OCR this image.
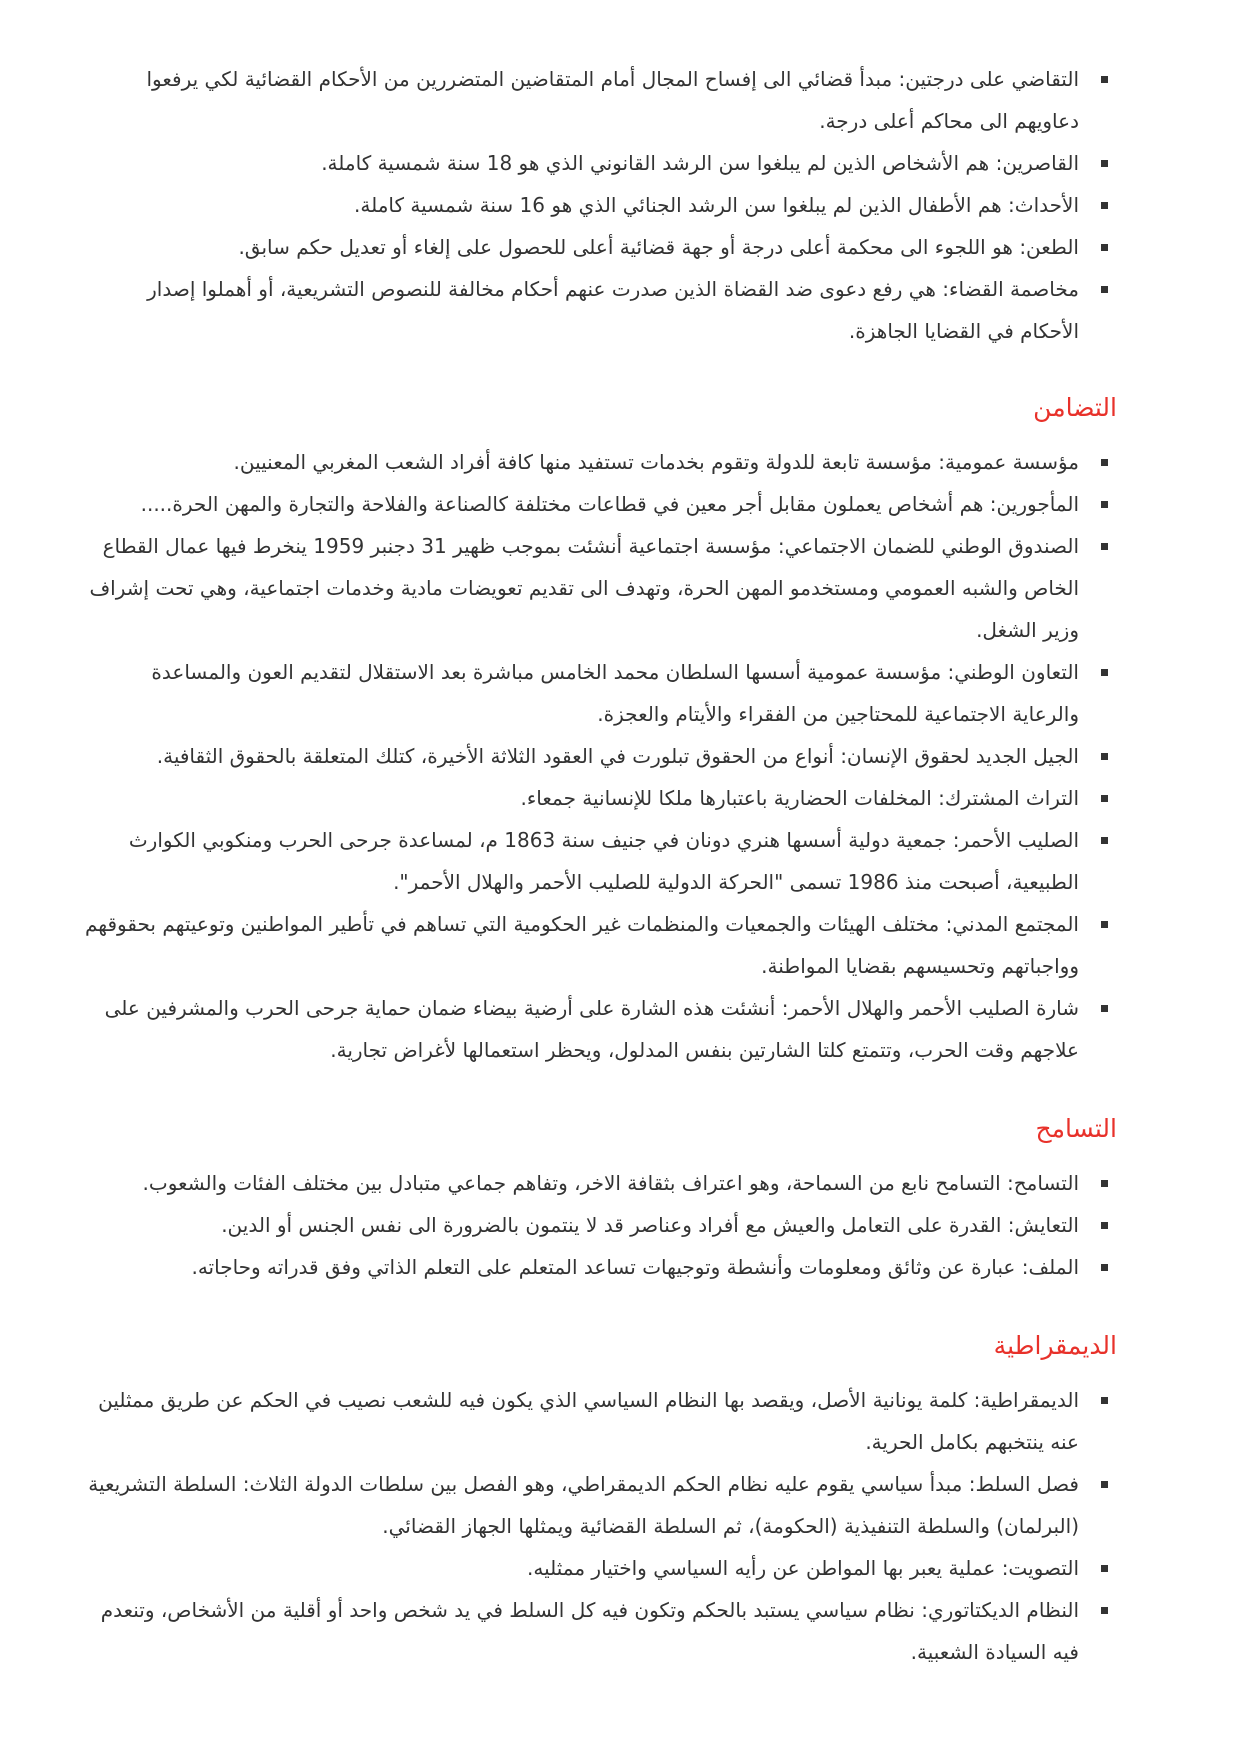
التقاضي على درجتين: مبدأ قضائي الى إفساح المجال أمام المتقاضين المتضررين من الأحكام القضائية لكي يرفعوا دعاويهم الى محاكم أعلى درجة.
القاصرين: هم الأشخاص الذين لم يبلغوا سن الرشد القانوني الذي هو 18 سنة شمسية كاملة.
الأحداث: هم الأطفال الذين لم يبلغوا سن الرشد الجنائي الذي هو 16 سنة شمسية كاملة.
الطعن: هو اللجوء الى محكمة أعلى درجة أو جهة قضائية أعلى للحصول على إلغاء أو تعديل حكم سابق.
مخاصمة القضاء: هي رفع دعوى ضد القضاة الذين صدرت عنهم أحكام مخالفة للنصوص التشريعية، أو أهملوا إصدار الأحكام في القضايا الجاهزة.
التضامن
مؤسسة عمومية: مؤسسة تابعة للدولة وتقوم بخدمات تستفيد منها كافة أفراد الشعب المغربي المعنيين.
المأجورين: هم أشخاص يعملون مقابل أجر معين في قطاعات مختلفة كالصناعة والفلاحة والتجارة والمهن الحرة.....
الصندوق الوطني للضمان الاجتماعي: مؤسسة اجتماعية أنشئت بموجب ظهير 31 دجنبر 1959 ينخرط فيها عمال القطاع الخاص والشبه العمومي ومستخدمو المهن الحرة، وتهدف الى تقديم تعويضات مادية وخدمات اجتماعية، وهي تحت إشراف وزير الشغل.
التعاون الوطني: مؤسسة عمومية أسسها السلطان محمد الخامس مباشرة بعد الاستقلال لتقديم العون والمساعدة والرعاية الاجتماعية للمحتاجين من الفقراء والأيتام والعجزة.
الجيل الجديد لحقوق الإنسان: أنواع من الحقوق تبلورت في العقود الثلاثة الأخيرة، كتلك المتعلقة بالحقوق الثقافية.
التراث المشترك: المخلفات الحضارية باعتبارها ملكا للإنسانية جمعاء.
الصليب الأحمر: جمعية دولية أسسها هنري دونان في جنيف سنة 1863 م، لمساعدة جرحى الحرب ومنكوبي الكوارث الطبيعية، أصبحت منذ 1986 تسمى "الحركة الدولية للصليب الأحمر والهلال الأحمر".
المجتمع المدني: مختلف الهيئات والجمعيات والمنظمات غير الحكومية التي تساهم في تأطير المواطنين وتوعيتهم بحقوقهم وواجباتهم وتحسيسهم بقضايا المواطنة.
شارة الصليب الأحمر والهلال الأحمر: أنشئت هذه الشارة على أرضية بيضاء ضمان حماية جرحى الحرب والمشرفين على علاجهم وقت الحرب، وتتمتع كلتا الشارتين بنفس المدلول، ويحظر استعمالها لأغراض تجارية.
التسامح
التسامح: التسامح نابع من السماحة، وهو اعتراف بثقافة الاخر، وتفاهم جماعي متبادل بين مختلف الفئات والشعوب.
التعايش: القدرة على التعامل والعيش مع أفراد وعناصر قد لا ينتمون بالضرورة الى نفس الجنس أو الدين.
الملف: عبارة عن وثائق ومعلومات وأنشطة وتوجيهات تساعد المتعلم على التعلم الذاتي وفق قدراته وحاجاته.
الديمقراطية
الديمقراطية: كلمة يونانية الأصل، ويقصد بها النظام السياسي الذي يكون فيه للشعب نصيب في الحكم عن طريق ممثلين عنه ينتخبهم بكامل الحرية.
فصل السلط: مبدأ سياسي يقوم عليه نظام الحكم الديمقراطي، وهو الفصل بين سلطات الدولة الثلاث: السلطة التشريعية (البرلمان) والسلطة التنفيذية (الحكومة)، ثم السلطة القضائية ويمثلها الجهاز القضائي.
التصويت: عملية يعبر بها المواطن عن رأيه السياسي واختيار ممثليه.
النظام الديكتاتوري: نظام سياسي يستبد بالحكم وتكون فيه كل السلط في يد شخص واحد أو أقلية من الأشخاص، وتنعدم فيه السيادة الشعبية.
